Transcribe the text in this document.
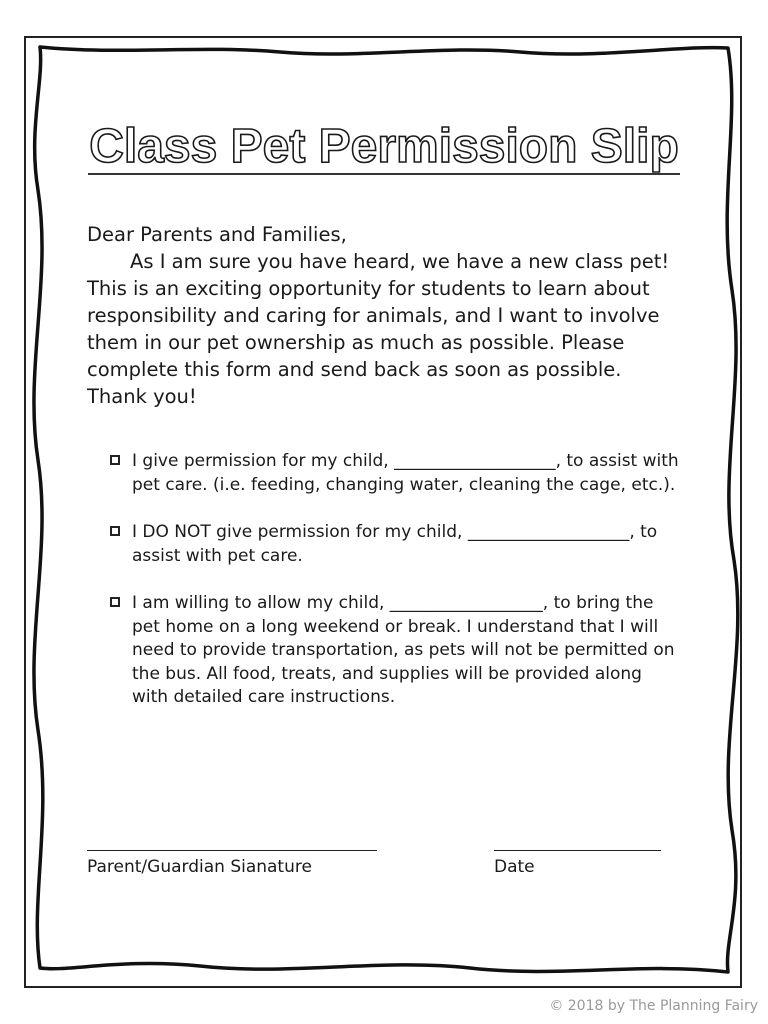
Class Pet Permission Slip

Dear Parents and Families,

As I am sure you have heard, we have a new class pet! This is an exciting opportunity for students to learn about responsibility and caring for animals, and I want to involve them in our pet ownership as much as possible. Please complete this form and send back as soon as possible. Thank you!

I give permission for my child, ___________________, to assist with pet care. (i.e. feeding, changing water, cleaning the cage, etc.).
I DO NOT give permission for my child, ___________________, to assist with pet care.
I am willing to allow my child, __________________, to bring the pet home on a long weekend or break. I understand that I will need to provide transportation, as pets will not be permitted on the bus. All food, treats, and supplies will be provided along with detailed care instructions.
Parent/Guardian Sianature	Date
© 2018 by The Planning Fairy
